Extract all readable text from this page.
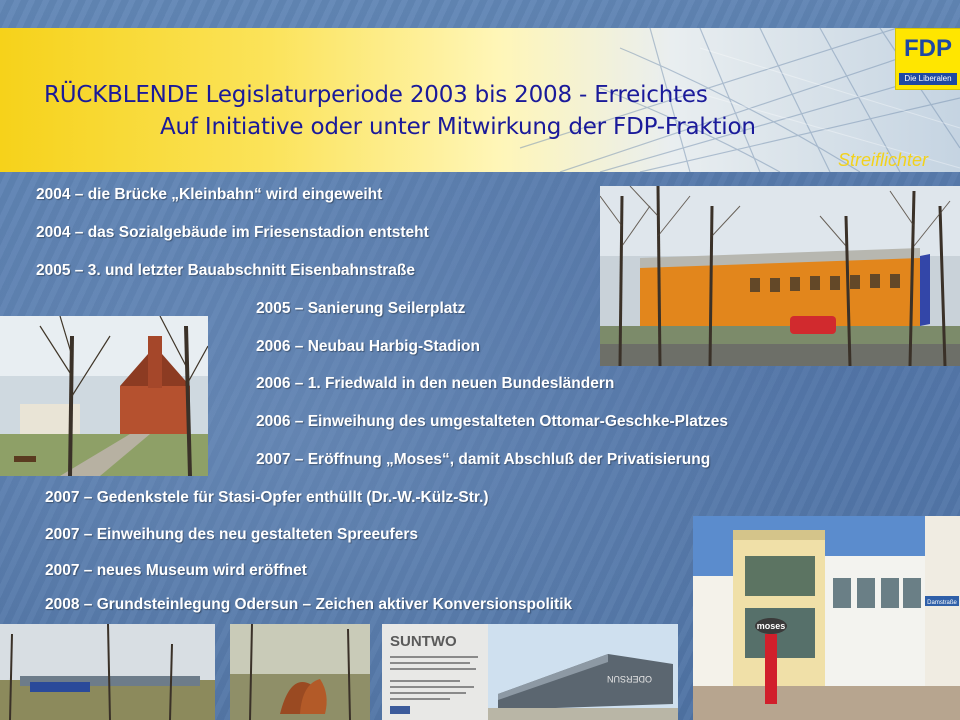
RÜCKBLENDE Legislaturperiode 2003 bis 2008 - Erreichtes
Auf Initiative oder unter Mitwirkung der FDP-Fraktion
Streiflichter
FDP
Die Liberalen
moses
Damstraße
SUNTWO
ODERSUN
2004 – die Brücke „Kleinbahn“ wird eingeweiht
2004 – das Sozialgebäude im Friesenstadion entsteht
2005 – 3. und letzter Bauabschnitt Eisenbahnstraße
2005 – Sanierung Seilerplatz
2006 – Neubau Harbig-Stadion
2006 – 1. Friedwald in den neuen Bundesländern
2006 – Einweihung des umgestalteten Ottomar-Geschke-Platzes
2007 – Eröffnung „Moses“, damit Abschluß der Privatisierung
2007 – Gedenkstele für Stasi-Opfer enthüllt (Dr.-W.-Külz-Str.)
2007 – Einweihung des neu gestalteten Spreeufers
2007 – neues Museum wird eröffnet
2008 – Grundsteinlegung Odersun – Zeichen aktiver Konversionspolitik
